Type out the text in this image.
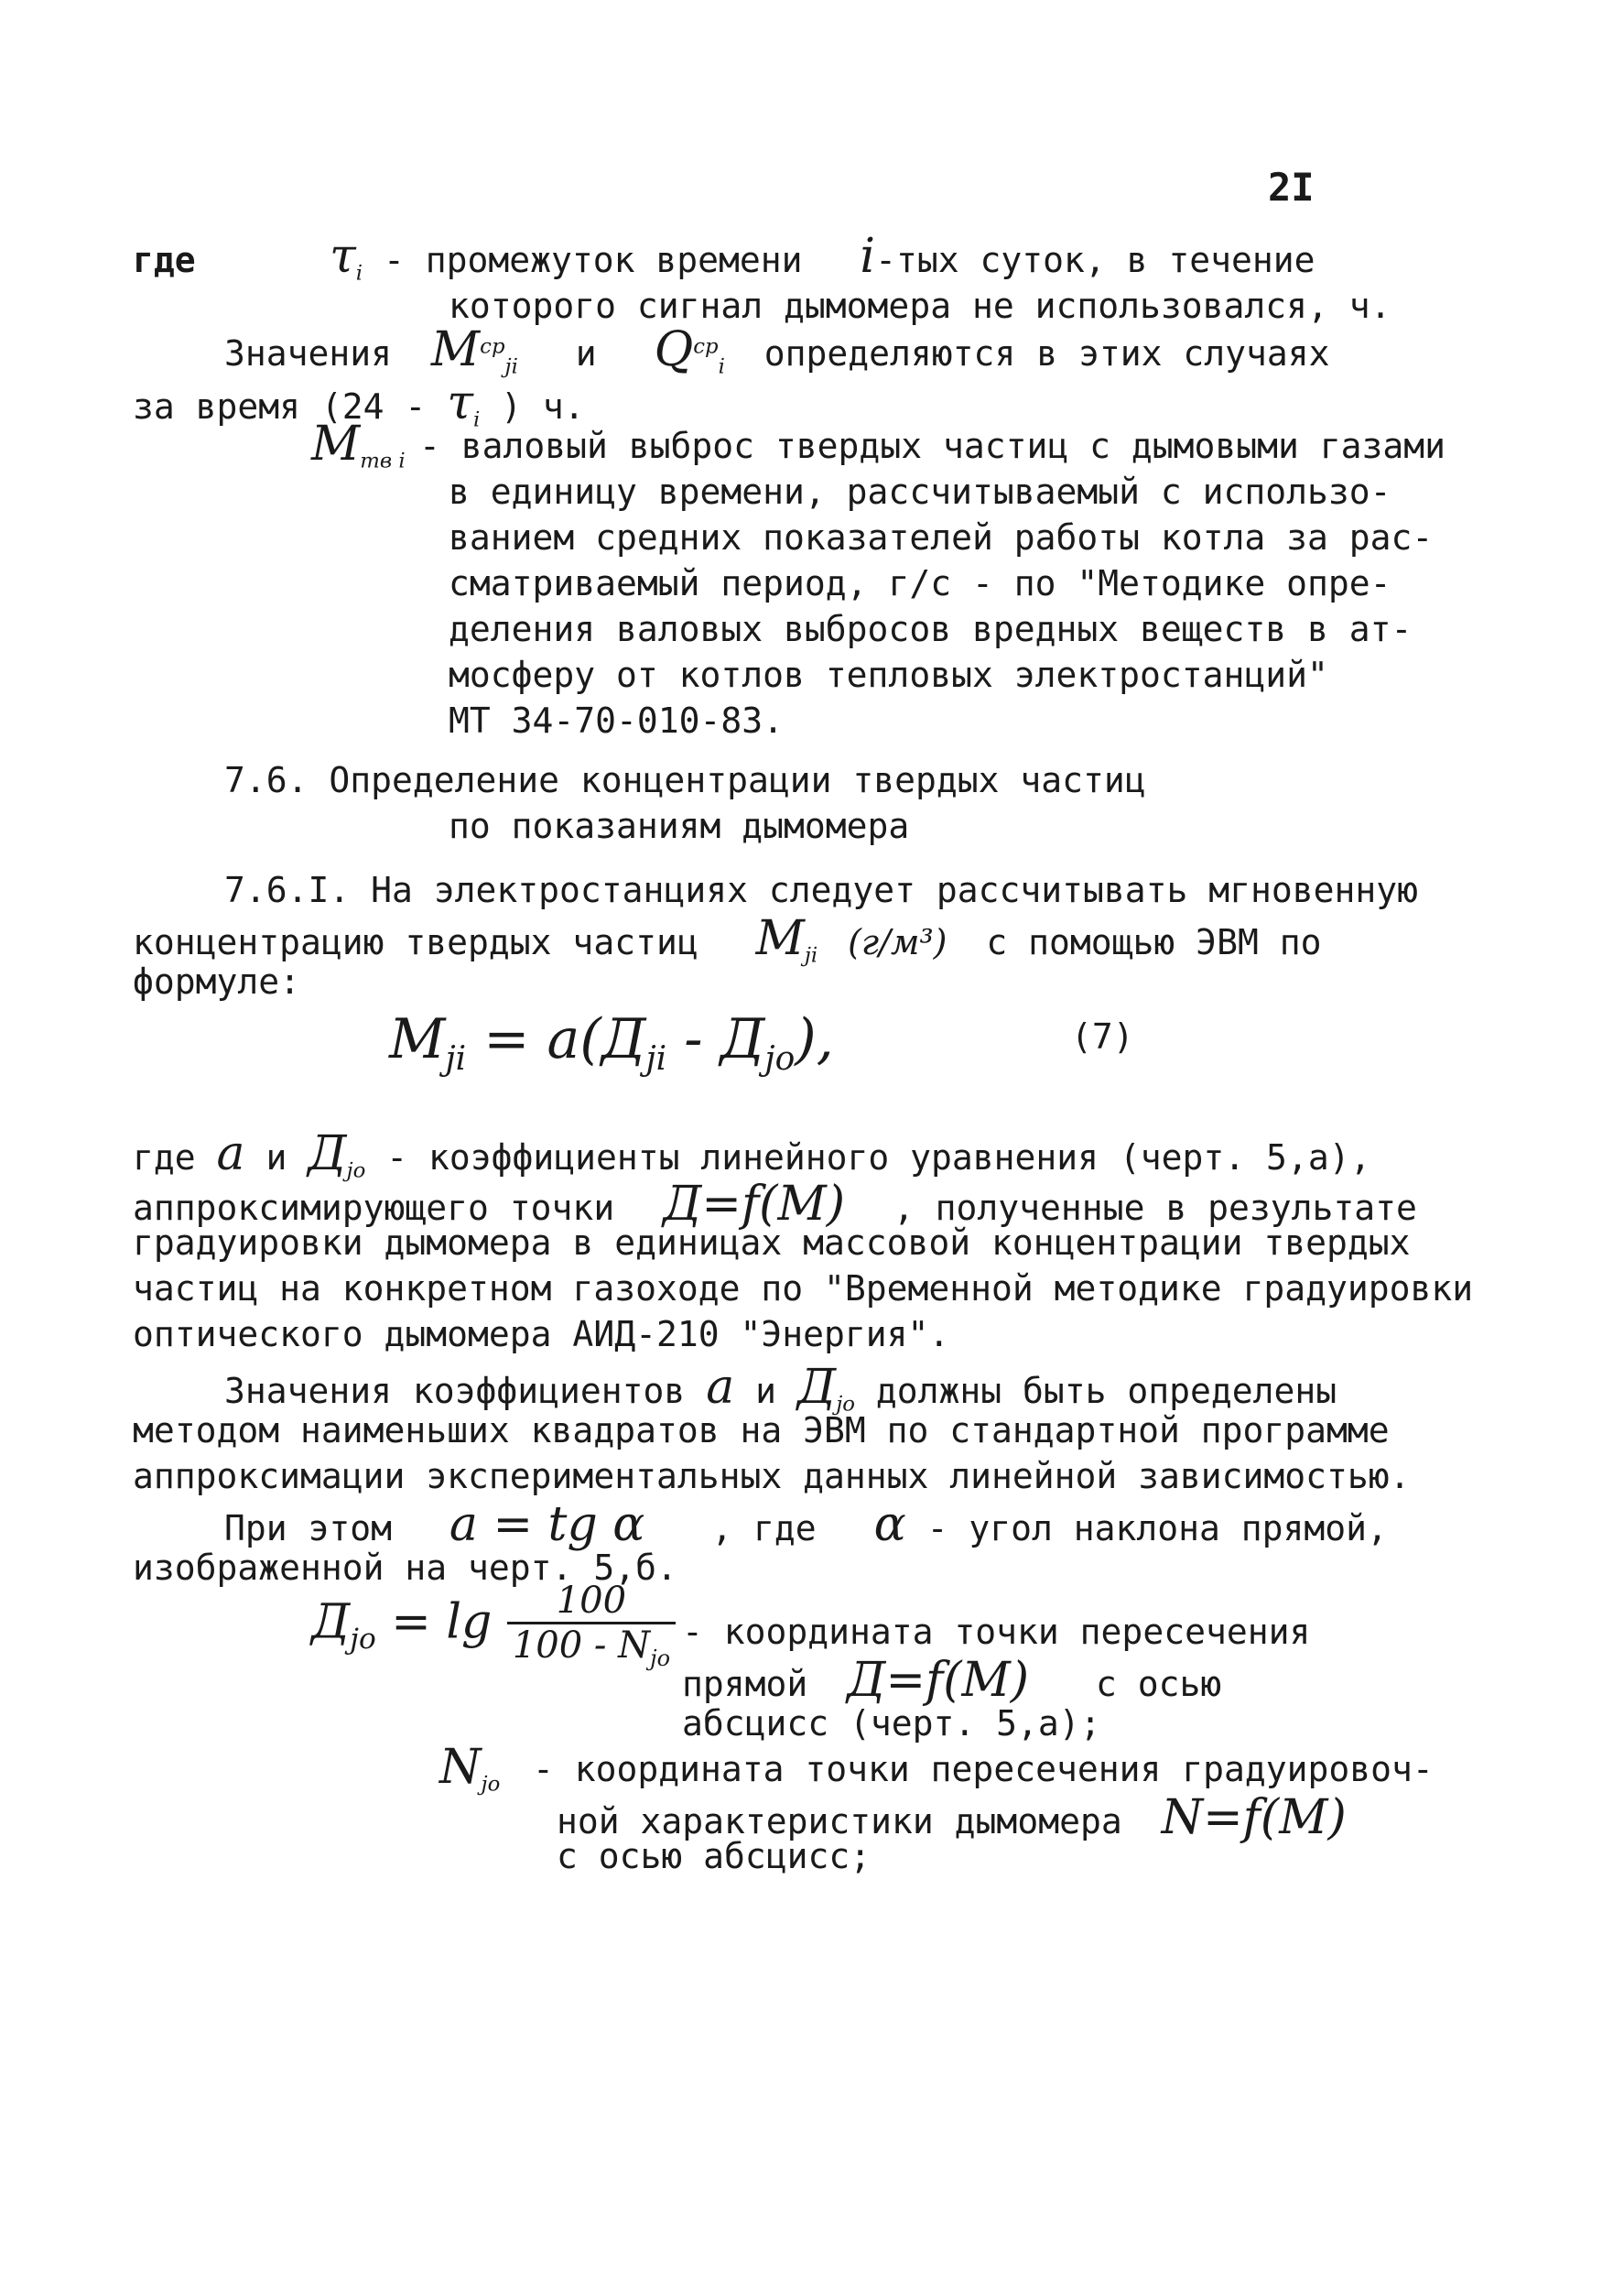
2I
где	$\tau_i$ - промежуток времени i-тых суток, в течение
которого сигнал дымомера не использовался, ч.
Значения $M^{ср}_{ji}$ и $Q^{ср}_i$ определяются в этих случаях
за время ($24 - \tau_i$ ) ч.
$M_{тв i}$ - валовый выброс твердых частиц с дымовыми газами
в единицу времени, рассчитываемый с использо-
ванием средних показателей работы котла за рас-
сматриваемый период, г/с - по "Методике опре-
деления валовых выбросов вредных веществ в ат-
мосферу от котлов тепловых электростанций"
МТ 34-70-010-83.
7.6. Определение концентрации твердых частиц
по показаниям дымомера
7.6.I. На электростанциях следует рассчитывать мгновенную
концентрацию твердых частиц $M_{ji}$ (г/м³) с помощью ЭВМ по
формуле:
$M_{ji} = a(Д_{ji} - Д_{jo})$,	(7)
где a и $Д_{jo}$ - коэффициенты линейного уравнения (черт. 5,а),
аппроксимирующего точки Д=f(M) , полученные в результате
градуировки дымомера в единицах массовой концентрации твердых
частиц на конкретном газоходе по "Временной методике градуировки
оптического дымомера АИД-210 "Энергия".
Значения коэффициентов a и $Д_{jo}$ должны быть определены
методом наименьших квадратов на ЭВМ по стандартной программе
аппроксимации экспериментальных данных линейной зависимостью.
При этом a = tg α , где α - угол наклона прямой,
изображенной на черт. 5,б.
$Д_{jo} = \lg \frac{100}{100 - N_{jo}}$ - координата точки пересечения
прямой Д=f(M) с осью
абсцисс (черт. 5,а);
$N_{jo}$ - координата точки пересечения градуировоч-
ной характеристики дымомера N=f(M)
с осью абсцисс;
